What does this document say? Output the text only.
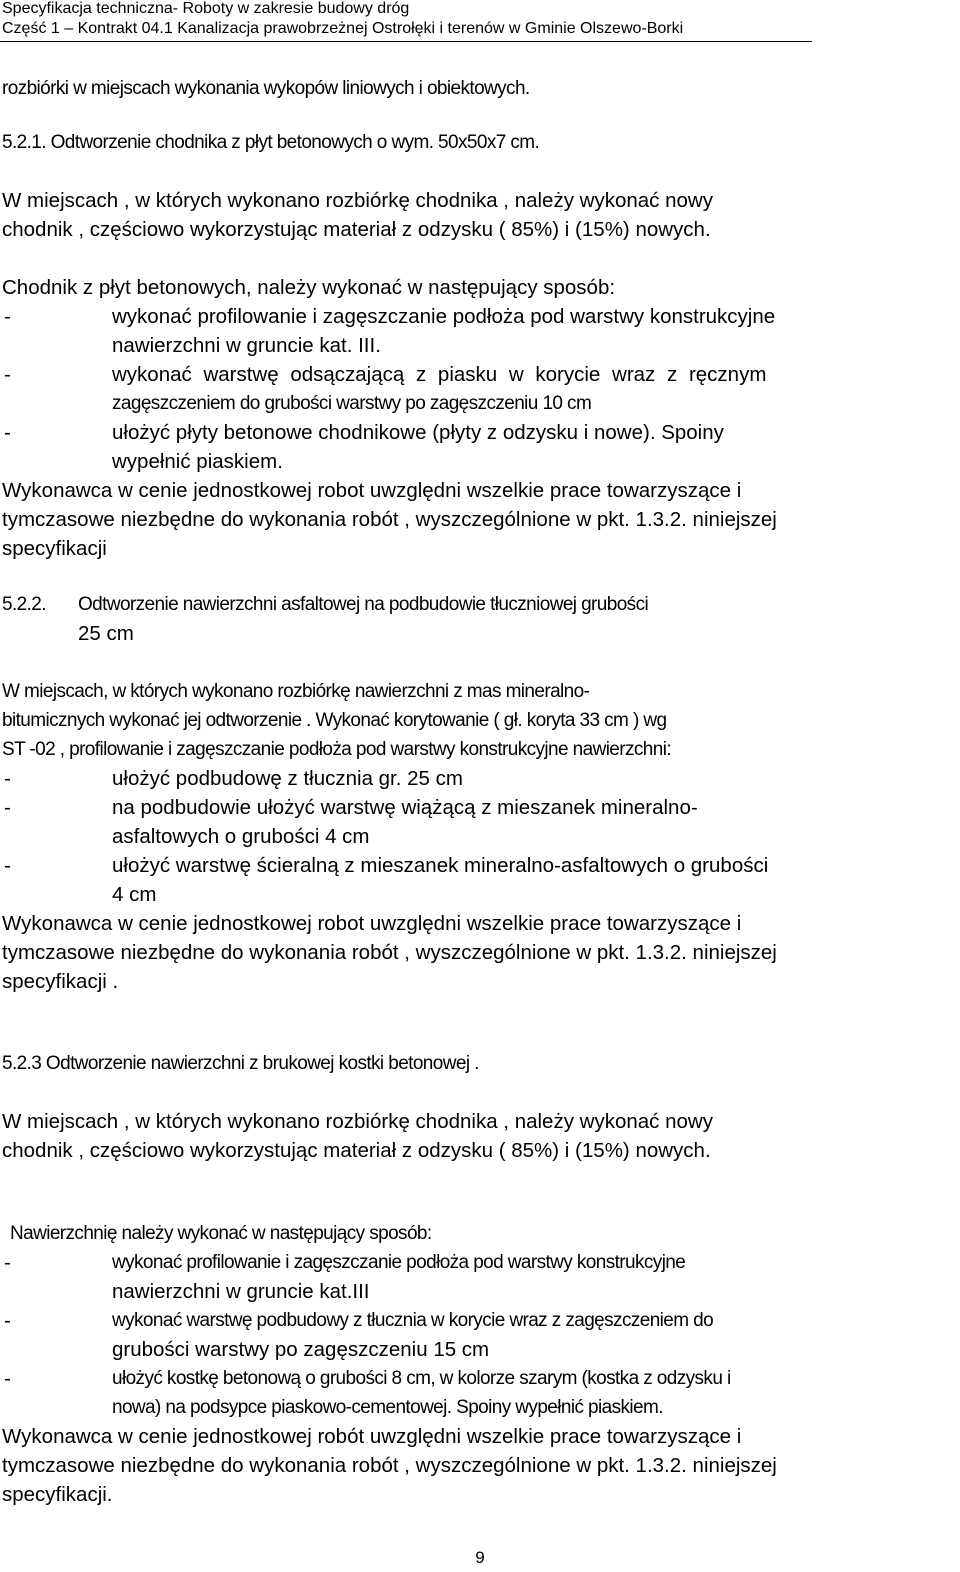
Specyfikacja techniczna- Roboty w zakresie budowy dróg
Część 1 – Kontrakt 04.1 Kanalizacja prawobrzeżnej Ostrołęki i terenów w Gminie Olszewo-Borki
rozbiórki w miejscach wykonania wykopów liniowych i obiektowych.
5.2.1. Odtworzenie chodnika z płyt betonowych o wym. 50x50x7 cm.
W miejscach , w których wykonano rozbiórkę chodnika , należy wykonać nowy
chodnik , częściowo wykorzystując materiał z odzysku ( 85%) i (15%) nowych.
Chodnik z płyt betonowych, należy wykonać w następujący sposób:
-	wykonać profilowanie i zagęszczanie podłoża pod warstwy konstrukcyjne
nawierzchni w gruncie kat. III.
-	wykonać warstwę odsączającą z piasku w korycie wraz z ręcznym
zagęszczeniem do grubości warstwy po zagęszczeniu 10 cm
-	ułożyć płyty betonowe chodnikowe (płyty z odzysku i nowe). Spoiny
wypełnić piaskiem.
Wykonawca w cenie jednostkowej robot uwzględni wszelkie prace towarzyszące i
tymczasowe niezbędne do wykonania robót , wyszczególnione w pkt. 1.3.2. niniejszej
specyfikacji
5.2.2. Odtworzenie nawierzchni asfaltowej na podbudowie tłuczniowej grubości
25 cm
W miejscach, w których wykonano rozbiórkę nawierzchni z mas mineralno-
bitumicznych wykonać jej odtworzenie . Wykonać korytowanie ( gł. koryta 33 cm ) wg
ST -02 , profilowanie i zagęszczanie podłoża pod warstwy konstrukcyjne nawierzchni:
-	ułożyć podbudowę z tłucznia gr. 25 cm
-	na podbudowie ułożyć warstwę wiążącą z mieszanek mineralno-
asfaltowych o grubości 4 cm
-	ułożyć warstwę ścieralną z mieszanek mineralno-asfaltowych o grubości
4 cm
Wykonawca w cenie jednostkowej robot uwzględni wszelkie prace towarzyszące i
tymczasowe niezbędne do wykonania robót , wyszczególnione w pkt. 1.3.2. niniejszej
specyfikacji .
5.2.3 Odtworzenie nawierzchni z brukowej kostki betonowej .
W miejscach , w których wykonano rozbiórkę chodnika , należy wykonać nowy
chodnik , częściowo wykorzystując materiał z odzysku ( 85%) i (15%) nowych.
Nawierzchnię należy wykonać w następujący sposób:
-	wykonać profilowanie i zagęszczanie podłoża pod warstwy konstrukcyjne
nawierzchni w gruncie kat.III
-	wykonać warstwę podbudowy z tłucznia w korycie wraz z zagęszczeniem do
grubości warstwy po zagęszczeniu 15 cm
-	ułożyć kostkę betonową o grubości 8 cm, w kolorze szarym (kostka z odzysku i
nowa) na podsypce piaskowo-cementowej. Spoiny wypełnić piaskiem.
Wykonawca w cenie jednostkowej robót uwzględni wszelkie prace towarzyszące i
tymczasowe niezbędne do wykonania robót , wyszczególnione w pkt. 1.3.2. niniejszej
specyfikacji.
9
